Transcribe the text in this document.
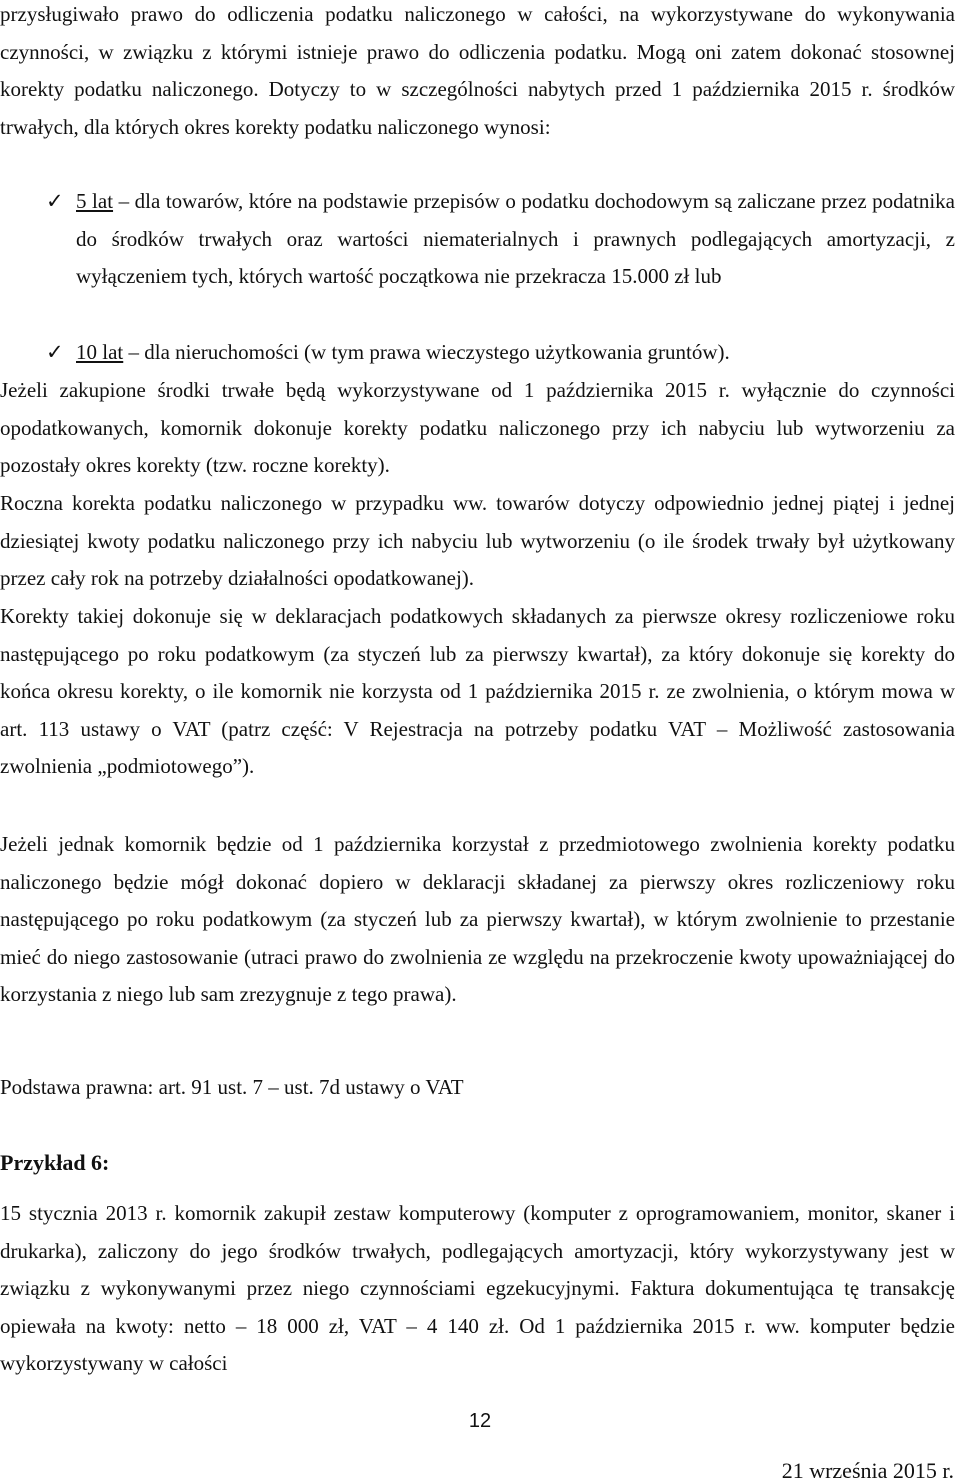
przysługiwało prawo do odliczenia podatku naliczonego w całości, na wykorzystywane do wykonywania czynności, w związku z którymi istnieje prawo do odliczenia podatku. Mogą oni zatem dokonać stosownej korekty podatku naliczonego. Dotyczy to w szczególności nabytych przed 1 października 2015 r. środków trwałych, dla których okres korekty podatku naliczonego wynosi:

✓ 5 lat – dla towarów, które na podstawie przepisów o podatku dochodowym są zaliczane przez podatnika do środków trwałych oraz wartości niematerialnych i prawnych podlegających amortyzacji, z wyłączeniem tych, których wartość początkowa nie przekracza 15.000 zł lub

✓ 10 lat – dla nieruchomości (w tym prawa wieczystego użytkowania gruntów).

Jeżeli zakupione środki trwałe będą wykorzystywane od 1 października 2015 r. wyłącznie do czynności opodatkowanych, komornik dokonuje korekty podatku naliczonego przy ich nabyciu lub wytworzeniu za pozostały okres korekty (tzw. roczne korekty).

Roczna korekta podatku naliczonego w przypadku ww. towarów dotyczy odpowiednio jednej piątej i jednej dziesiątej kwoty podatku naliczonego przy ich nabyciu lub wytworzeniu (o ile środek trwały był użytkowany przez cały rok na potrzeby działalności opodatkowanej).

Korekty takiej dokonuje się w deklaracjach podatkowych składanych za pierwsze okresy rozliczeniowe roku następującego po roku podatkowym (za styczeń lub za pierwszy kwartał), za który dokonuje się korekty do końca okresu korekty, o ile komornik nie korzysta od 1 października 2015 r. ze zwolnienia, o którym mowa w art. 113 ustawy o VAT (patrz część: V Rejestracja na potrzeby podatku VAT – Możliwość zastosowania zwolnienia „podmiotowego”).

Jeżeli jednak komornik będzie od 1 października korzystał z przedmiotowego zwolnienia korekty podatku naliczonego będzie mógł dokonać dopiero w deklaracji składanej za pierwszy okres rozliczeniowy roku następującego po roku podatkowym (za styczeń lub za pierwszy kwartał), w którym zwolnienie to przestanie mieć do niego zastosowanie (utraci prawo do zwolnienia ze względu na przekroczenie kwoty upoważniającej do korzystania z niego lub sam zrezygnuje z tego prawa).

Podstawa prawna: art. 91 ust. 7 – ust. 7d ustawy o VAT

Przykład 6:

15 stycznia 2013 r. komornik zakupił zestaw komputerowy (komputer z oprogramowaniem, monitor, skaner i drukarka), zaliczony do jego środków trwałych, podlegających amortyzacji, który wykorzystywany jest w związku z wykonywanymi przez niego czynnościami egzekucyjnymi. Faktura dokumentująca tę transakcję opiewała na kwoty: netto – 18 000 zł, VAT – 4 140 zł. Od 1 października 2015 r. ww. komputer będzie wykorzystywany w całości

12
21 września 2015 r.
